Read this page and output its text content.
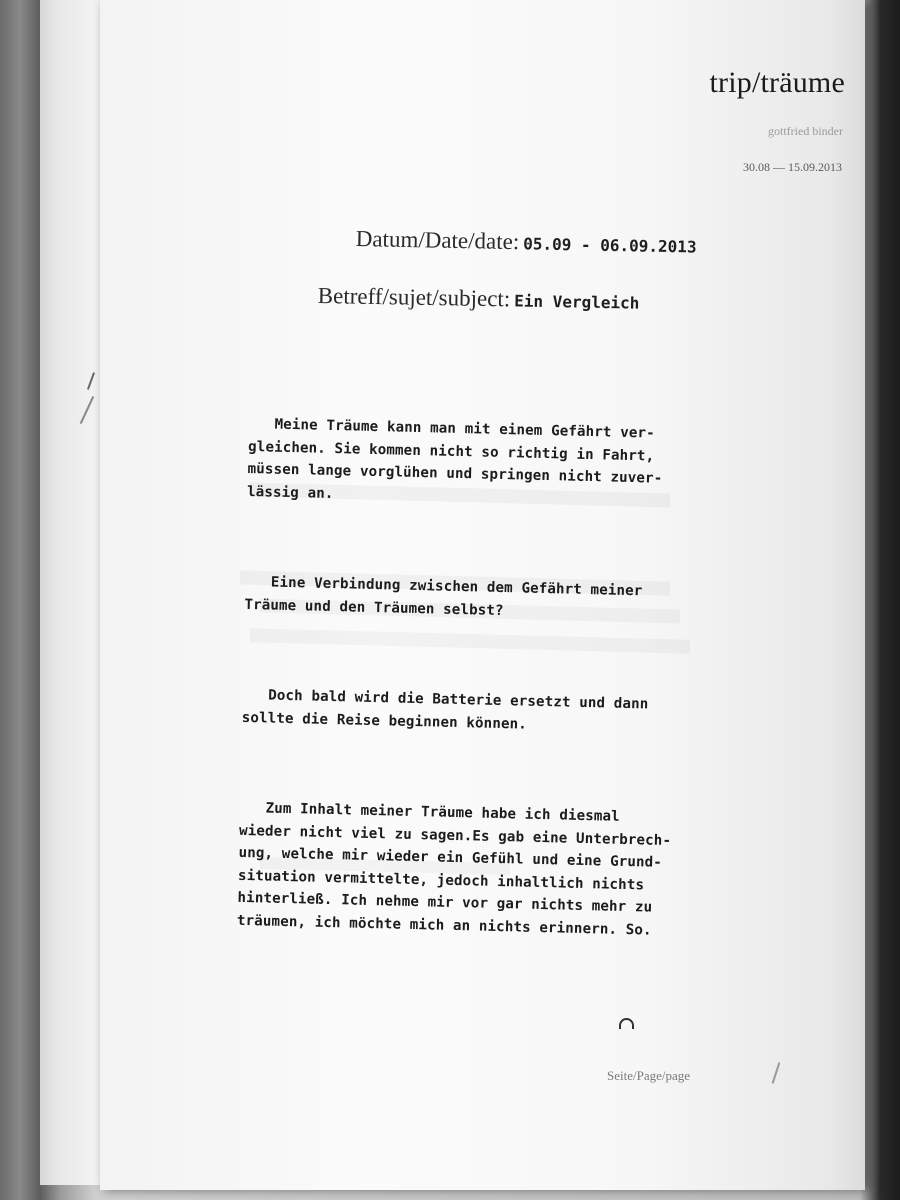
trip/träume
gottfried binder
30.08 — 15.09.2013
Datum/Date/date: 05.09 - 06.09.2013
Betreff/sujet/subject: Ein Vergleich

Meine Träume kann man mit einem Gefährt ver-
gleichen. Sie kommen nicht so richtig in Fahrt,
müssen lange vorglühen und springen nicht zuver-
lässig an.

Eine Verbindung zwischen dem Gefährt meiner
Träume und den Träumen selbst?

Doch bald wird die Batterie ersetzt und dann
sollte die Reise beginnen können.

Zum Inhalt meiner Träume habe ich diesmal
wieder nicht viel zu sagen.Es gab eine Unterbrech-
ung, welche mir wieder ein Gefühl und eine Grund-
situation vermittelte, jedoch inhaltlich nichts
hinterließ. Ich nehme mir vor gar nichts mehr zu
träumen, ich möchte mich an nichts erinnern. So.

Seite/Page/page
